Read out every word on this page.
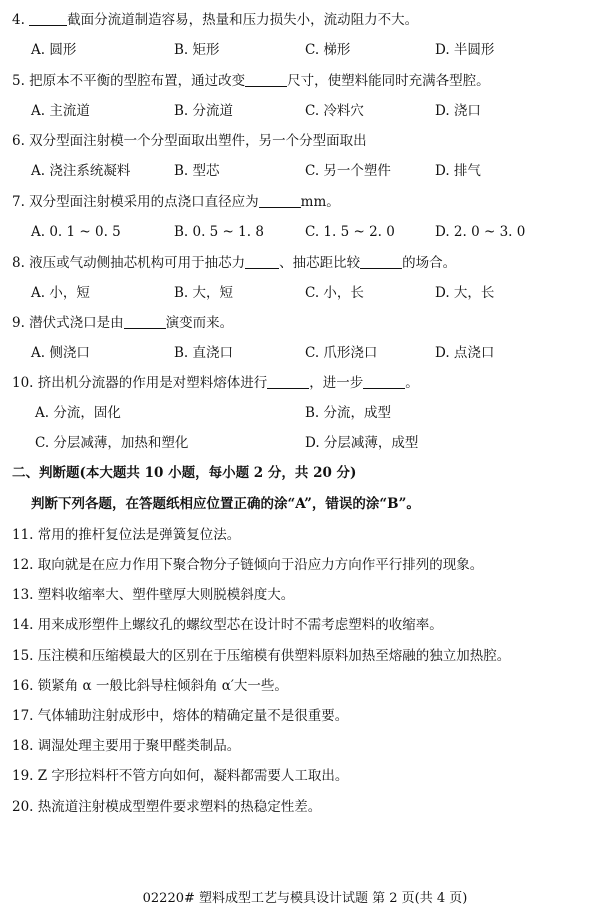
4.	截面分流道制造容易，热量和压力损失小，流动阻力不大。
A. 圆形	B. 矩形	C. 梯形	D. 半圆形
5. 把原本不平衡的型腔布置，通过改变	尺寸，使塑料能同时充满各型腔。
A. 主流道	B. 分流道	C. 冷料穴	D. 浇口
6. 双分型面注射模一个分型面取出塑件，另一个分型面取出
A. 浇注系统凝料	B. 型芯	C. 另一个塑件	D. 排气
7. 双分型面注射模采用的点浇口直径应为	mm。
A. 0. 1 ~ 0. 5	B. 0. 5 ~ 1. 8	C. 1. 5 ~ 2. 0	D. 2. 0 ~ 3. 0
8. 液压或气动侧抽芯机构可用于抽芯力	、抽芯距比较	的场合。
A. 小，短	B. 大，短	C. 小，长	D. 大，长
9. 潜伏式浇口是由	演变而来。
A. 侧浇口	B. 直浇口	C. 爪形浇口	D. 点浇口
10. 挤出机分流器的作用是对塑料熔体进行	，进一步	。
A. 分流，固化	B. 分流，成型
C. 分层减薄，加热和塑化	D. 分层减薄，成型
二、判断题(本大题共 10 小题，每小题 2 分，共 20 分)
判断下列各题，在答题纸相应位置正确的涂“A”，错误的涂“B”。
11. 常用的推杆复位法是弹簧复位法。
12. 取向就是在应力作用下聚合物分子链倾向于沿应力方向作平行排列的现象。
13. 塑料收缩率大、塑件壁厚大则脱模斜度大。
14. 用来成形塑件上螺纹孔的螺纹型芯在设计时不需考虑塑料的收缩率。
15. 压注模和压缩模最大的区别在于压缩模有供塑料原料加热至熔融的独立加热腔。
16. 锁紧角 α 一般比斜导柱倾斜角 α′大一些。
17. 气体辅助注射成形中，熔体的精确定量不是很重要。
18. 调湿处理主要用于聚甲醛类制品。
19. Z 字形拉料杆不管方向如何，凝料都需要人工取出。
20. 热流道注射模成型塑件要求塑料的热稳定性差。
02220# 塑料成型工艺与模具设计试题 第 2 页(共 4 页)
